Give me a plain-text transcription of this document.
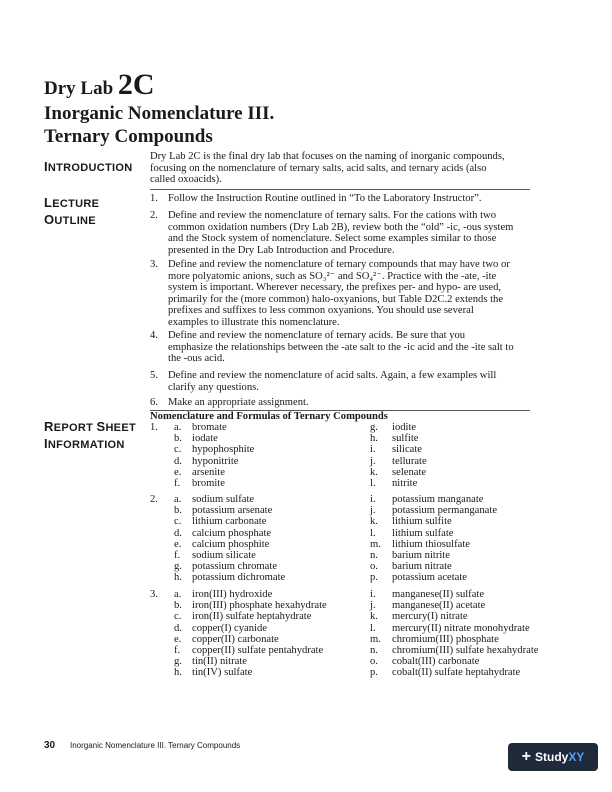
Dry Lab 2C
Inorganic Nomenclature III.
Ternary Compounds
INTRODUCTION
LECTURE
OUTLINE
REPORT SHEET
INFORMATION
Dry Lab 2C is the final dry lab that focuses on the naming of inorganic compounds,
focusing on the nomenclature of ternary salts, acid salts, and ternary acids (also
called oxoacids).
1. Follow the Instruction Routine outlined in “To the Laboratory Instructor”.
2. Define and review the nomenclature of ternary salts. For the cations with two
common oxidation numbers (Dry Lab 2B), review both the “old” -ic, -ous system
and the Stock system of nomenclature. Select some examples similar to those
presented in the Dry Lab Introduction and Procedure.
3. Define and review the nomenclature of ternary compounds that may have two or
more polyatomic anions, such as SO₃²⁻ and SO₄²⁻. Practice with the -ate, -ite
system is important. Wherever necessary, the prefixes per- and hypo- are used,
primarily for the (more common) halo-oxyanions, but Table D2C.2 extends the
prefixes and suffixes to less common oxyanions. You should use several
examples to illustrate this nomenclature.
4. Define and review the nomenclature of ternary acids. Be sure that you
emphasize the relationships between the -ate salt to the -ic acid and the -ite salt to
the -ous acid.
5. Define and review the nomenclature of acid salts. Again, a few examples will
clarify any questions.
6. Make an appropriate assignment.
Nomenclature and Formulas of Ternary Compounds
1. a. bromate
b. iodate
c. hypophosphite
d. hyponitrite
e. arsenite
f. bromite
g. iodite
h. sulfite
i. silicate
j. tellurate
k. selenate
l. nitrite
2. a. sodium sulfate
b. potassium arsenate
c. lithium carbonate
d. calcium phosphate
e. calcium phosphite
f. sodium silicate
g. potassium chromate
h. potassium dichromate
i. potassium manganate
j. potassium permanganate
k. lithium sulfite
l. lithium sulfate
m. lithium thiosulfate
n. barium nitrite
o. barium nitrate
p. potassium acetate
3. a. iron(III) hydroxide
b. iron(III) phosphate hexahydrate
c. iron(II) sulfate heptahydrate
d. copper(I) cyanide
e. copper(II) carbonate
f. copper(II) sulfate pentahydrate
g. tin(II) nitrate
h. tin(IV) sulfate
i. manganese(II) sulfate
j. manganese(II) acetate
k. mercury(I) nitrate
l. mercury(II) nitrate monohydrate
m. chromium(III) phosphate
n. chromium(III) sulfate hexahydrate
o. cobalt(III) carbonate
p. cobalt(II) sulfate heptahydrate
30 Inorganic Nomenclature III. Ternary Compounds
+ Study XY
